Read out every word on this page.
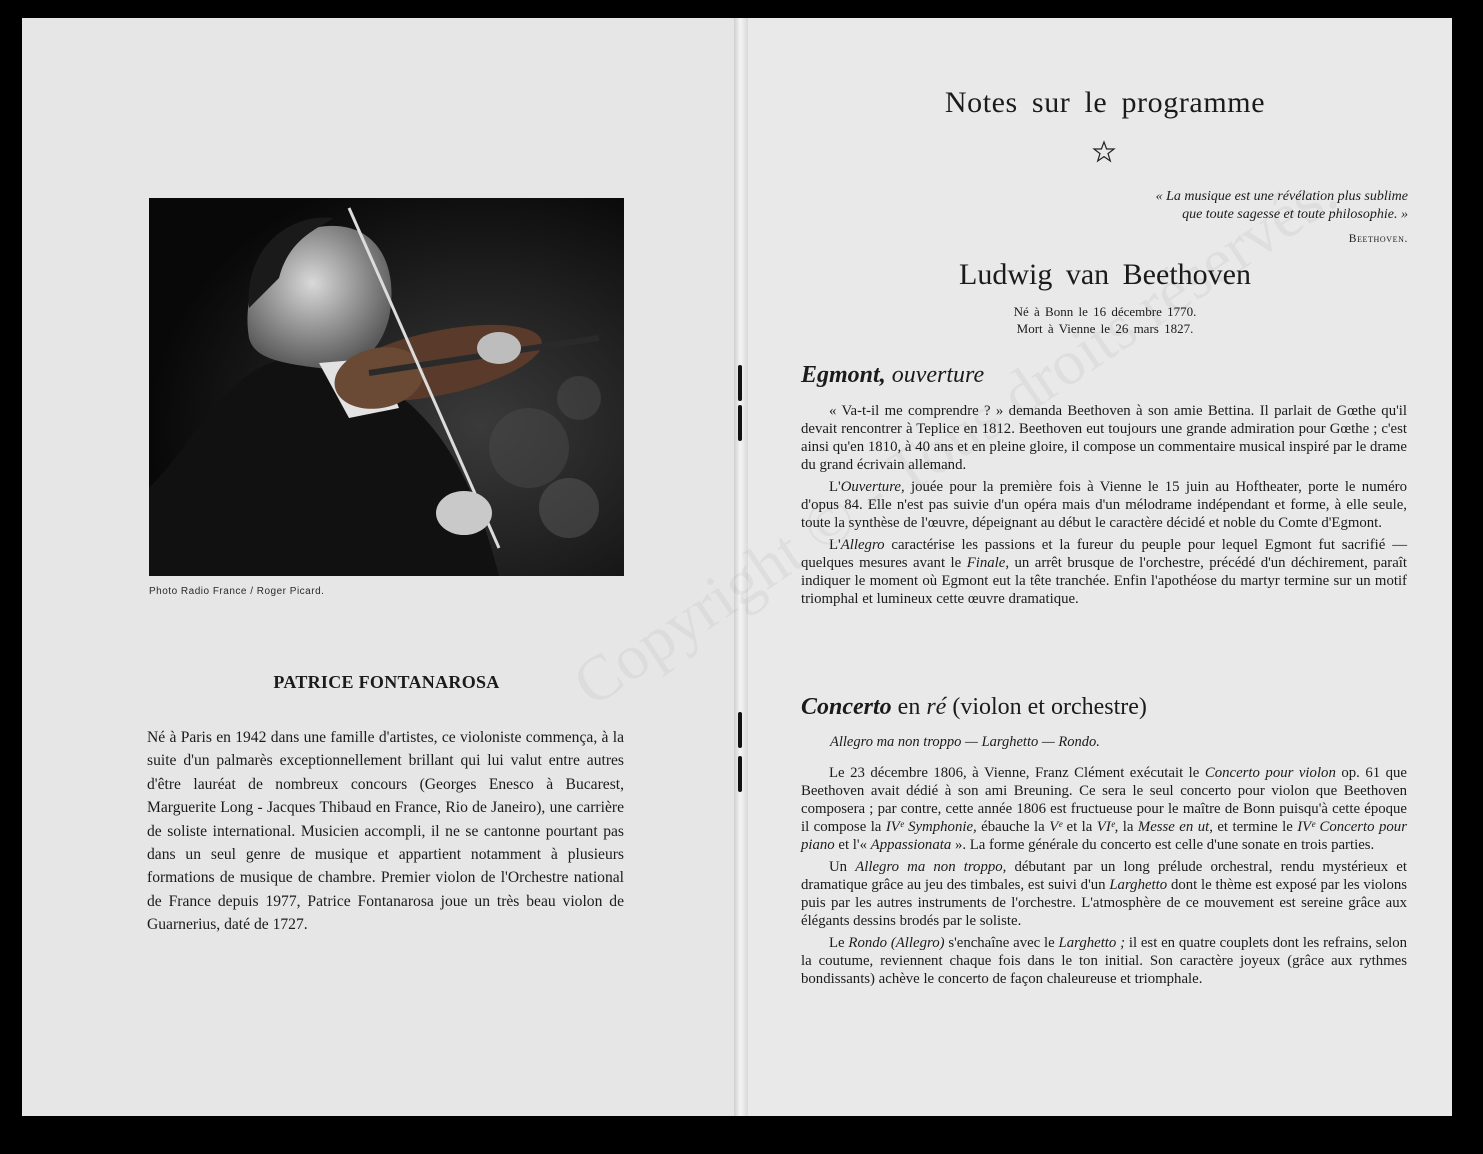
Photo Radio France / Roger Picard.
PATRICE FONTANAROSA

Né à Paris en 1942 dans une famille d'artistes, ce violoniste commença, à la suite d'un palmarès exceptionnellement brillant qui lui valut entre autres d'être lauréat de nombreux concours (Georges Enesco à Bucarest, Marguerite Long - Jacques Thibaud en France, Rio de Janeiro), une carrière de soliste international. Musicien accompli, il ne se cantonne pourtant pas dans un seul genre de musique et appartient notamment à plusieurs formations de musique de chambre. Premier violon de l'Orchestre national de France depuis 1977, Patrice Fontanarosa joue un très beau violon de Guarnerius, daté de 1727.

Notes sur le programme
« La musique est une révélation plus sublime
que toute sagesse et toute philosophie. »
Beethoven.
Ludwig van Beethoven
Né à Bonn le 16 décembre 1770.
Mort à Vienne le 26 mars 1827.
Egmont, ouverture

« Va-t-il me comprendre ? » demanda Beethoven à son amie Bettina. Il parlait de Gœthe qu'il devait rencontrer à Teplice en 1812. Beethoven eut toujours une grande admiration pour Gœthe ; c'est ainsi qu'en 1810, à 40 ans et en pleine gloire, il compose un commentaire musical inspiré par le drame du grand écrivain allemand.

L'Ouverture, jouée pour la première fois à Vienne le 15 juin au Hoftheater, porte le numéro d'opus 84. Elle n'est pas suivie d'un opéra mais d'un mélodrame indépendant et forme, à elle seule, toute la synthèse de l'œuvre, dépeignant au début le caractère décidé et noble du Comte d'Egmont.

L'Allegro caractérise les passions et la fureur du peuple pour lequel Egmont fut sacrifié — quelques mesures avant le Finale, un arrêt brusque de l'orchestre, précédé d'un déchirement, paraît indiquer le moment où Egmont eut la tête tranchée. Enfin l'apothéose du martyr termine sur un motif triomphal et lumineux cette œuvre dramatique.

Concerto en ré (violon et orchestre)
Allegro ma non troppo — Larghetto — Rondo.

Le 23 décembre 1806, à Vienne, Franz Clément exécutait le Concerto pour violon op. 61 que Beethoven avait dédié à son ami Breuning. Ce sera le seul concerto pour violon que Beethoven composera ; par contre, cette année 1806 est fructueuse pour le maître de Bonn puisqu'à cette époque il compose la IVᵉ Symphonie, ébauche la Vᵉ et la VIᵉ, la Messe en ut, et termine le IVᵉ Concerto pour piano et l'« Appassionata ». La forme générale du concerto est celle d'une sonate en trois parties.

Un Allegro ma non troppo, débutant par un long prélude orchestral, rendu mystérieux et dramatique grâce au jeu des timbales, est suivi d'un Larghetto dont le thème est exposé par les violons puis par les autres instruments de l'orchestre. L'atmosphère de ce mouvement est sereine grâce aux élégants dessins brodés par le soliste.

Le Rondo (Allegro) s'enchaîne avec le Larghetto ; il est en quatre couplets dont les refrains, selon la coutume, reviennent chaque fois dans le ton initial. Son caractère joyeux (grâce aux rythmes bondissants) achève le concerto de façon chaleureuse et triomphale.
